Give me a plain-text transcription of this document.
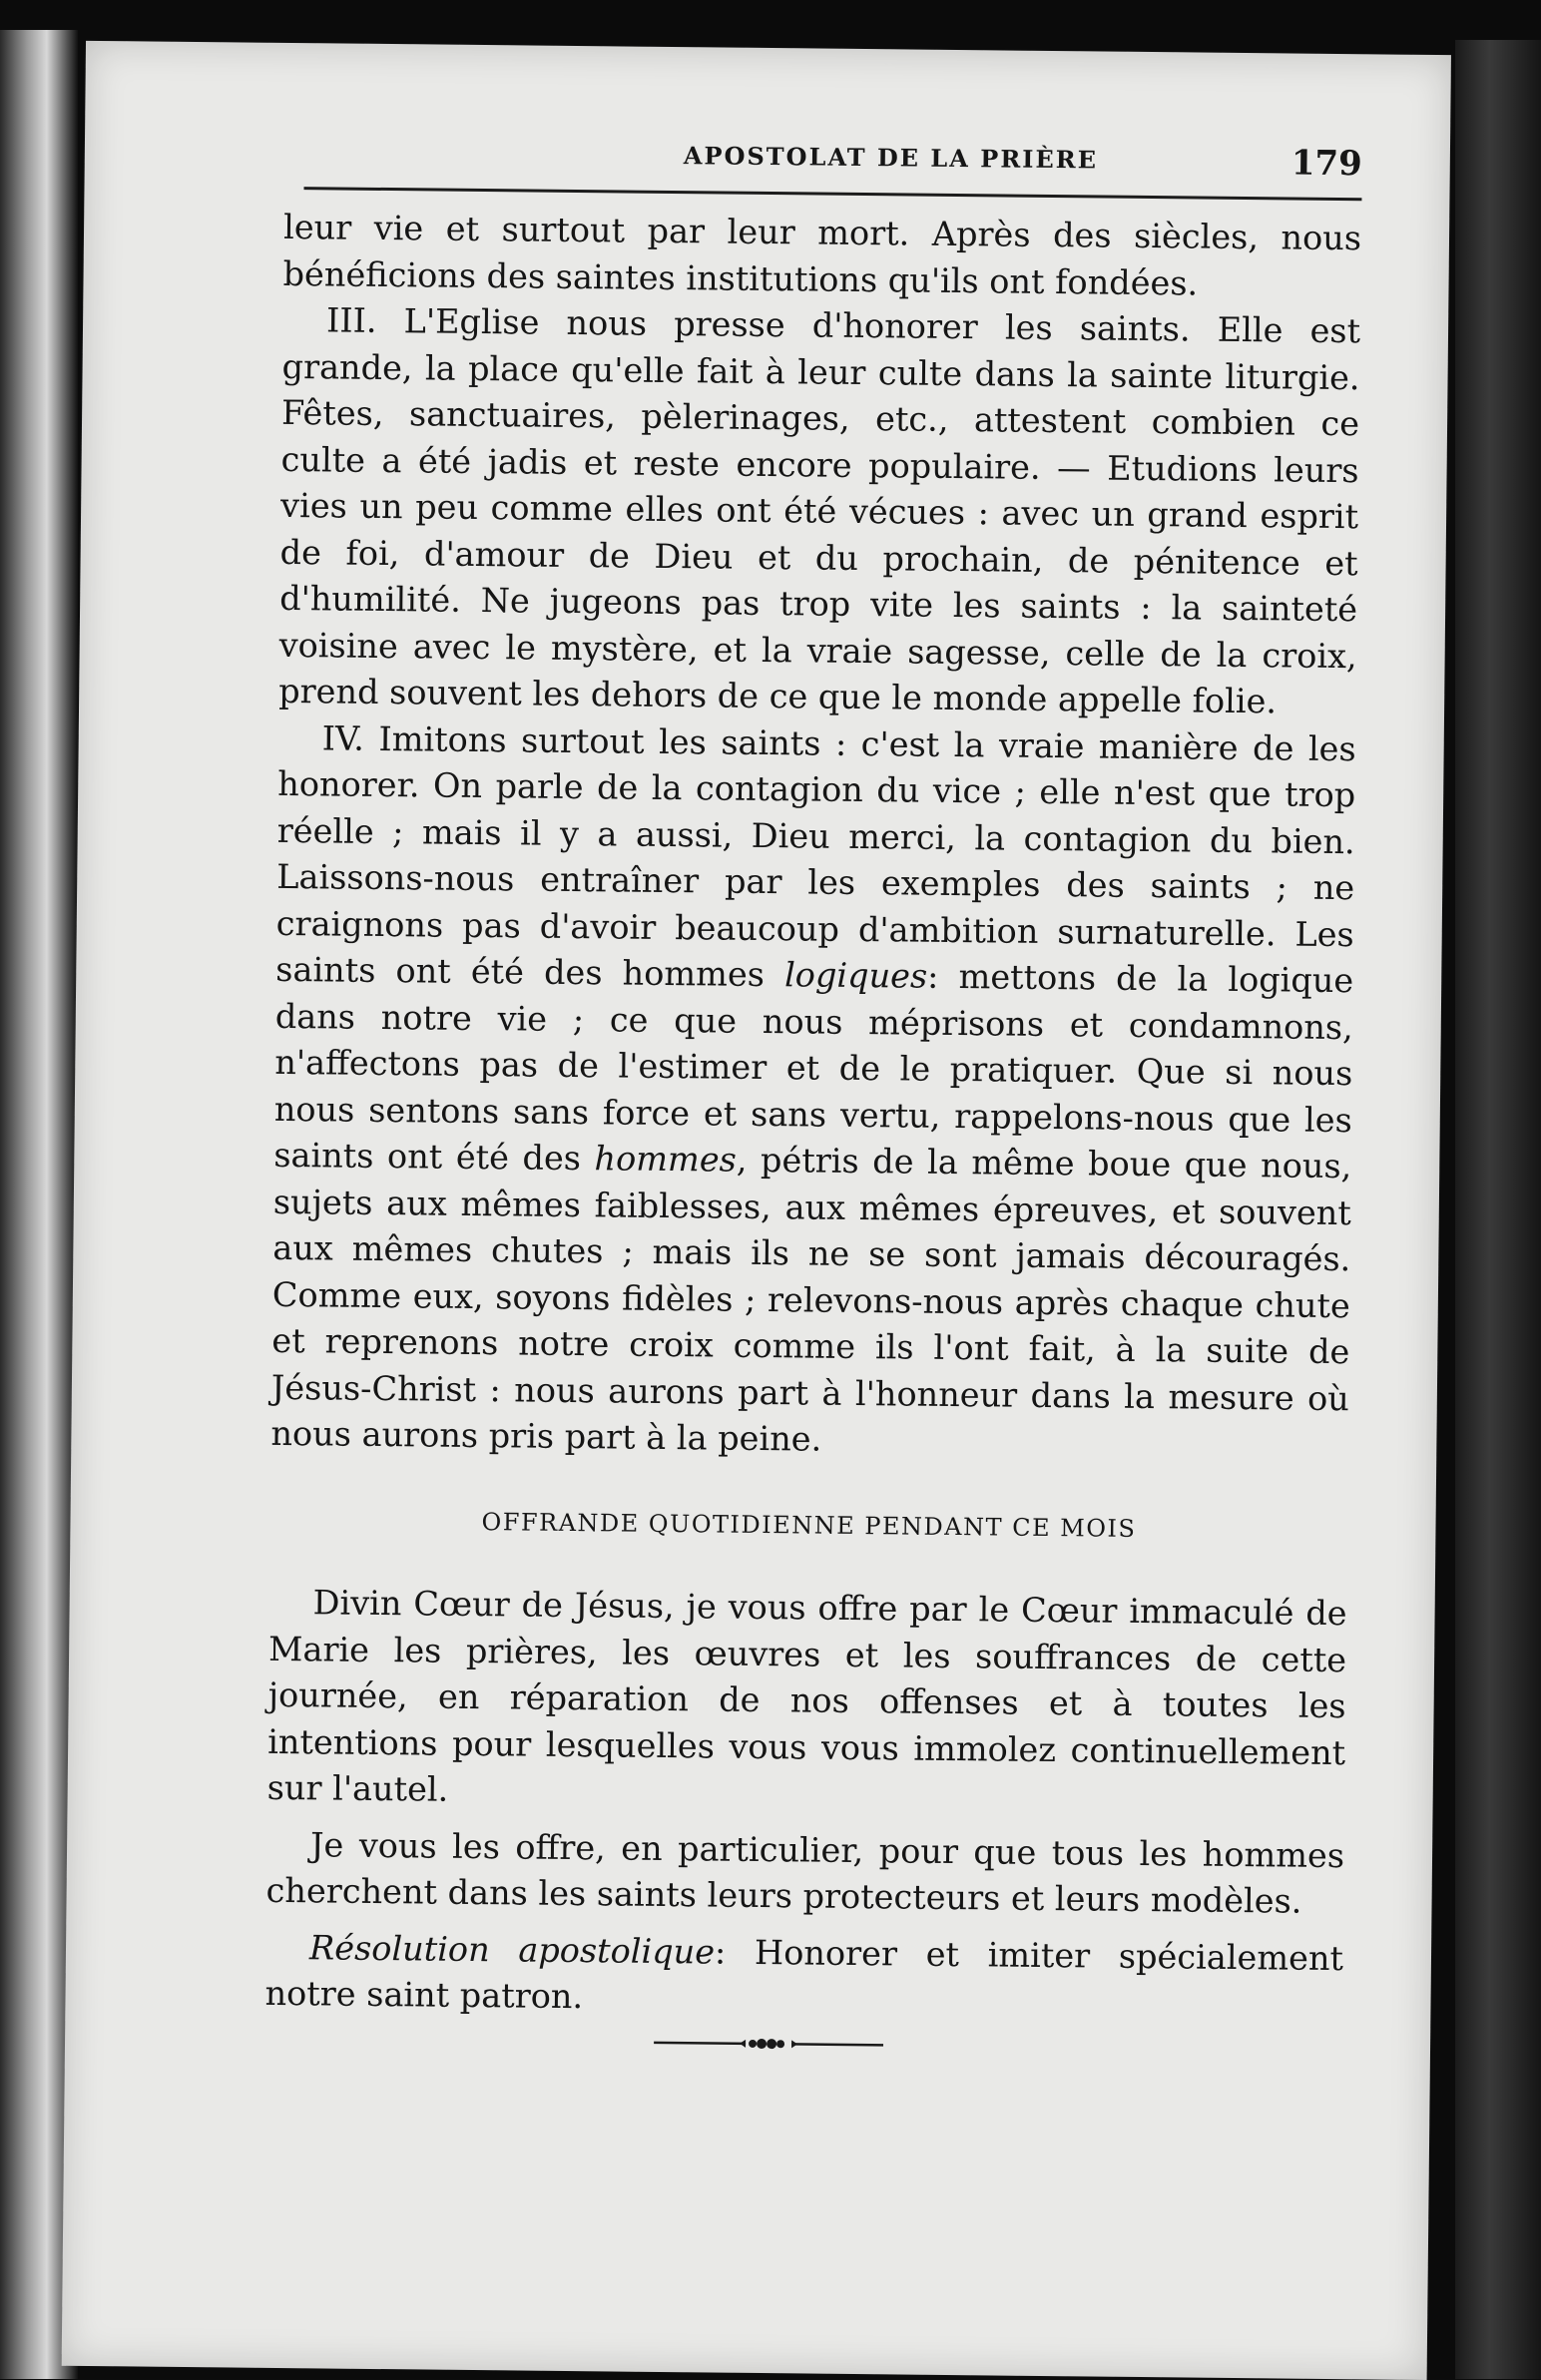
APOSTOLAT DE LA PRIÈRE	179

leur vie et surtout par leur mort. Après des siècles, nous bénéficions des saintes institutions qu'ils ont fondées.

III. L'Eglise nous presse d'honorer les saints. Elle est grande, la place qu'elle fait à leur culte dans la sainte liturgie. Fêtes, sanctuaires, pèlerinages, etc., attestent combien ce culte a été jadis et reste encore populaire. — Etudions leurs vies un peu comme elles ont été vécues : avec un grand esprit de foi, d'amour de Dieu et du prochain, de pénitence et d'humilité. Ne jugeons pas trop vite les saints : la sainteté voisine avec le mystère, et la vraie sagesse, celle de la croix, prend souvent les dehors de ce que le monde appelle folie.

IV. Imitons surtout les saints : c'est la vraie manière de les honorer. On parle de la contagion du vice ; elle n'est que trop réelle ; mais il y a aussi, Dieu merci, la contagion du bien. Laissons-nous entraîner par les exemples des saints ; ne craignons pas d'avoir beaucoup d'ambition surnaturelle. Les saints ont été des hommes logiques: mettons de la logique dans notre vie ; ce que nous méprisons et condamnons, n'affectons pas de l'estimer et de le pratiquer. Que si nous nous sentons sans force et sans vertu, rappelons-nous que les saints ont été des hommes, pétris de la même boue que nous, sujets aux mêmes faiblesses, aux mêmes épreuves, et souvent aux mêmes chutes ; mais ils ne se sont jamais découragés. Comme eux, soyons fidèles ; relevons-nous après chaque chute et reprenons notre croix comme ils l'ont fait, à la suite de Jésus-Christ : nous aurons part à l'honneur dans la mesure où nous aurons pris part à la peine.

OFFRANDE QUOTIDIENNE PENDANT CE MOIS

Divin Cœur de Jésus, je vous offre par le Cœur immaculé de Marie les prières, les œuvres et les souffrances de cette journée, en réparation de nos offenses et à toutes les intentions pour lesquelles vous vous immolez continuellement sur l'autel.

Je vous les offre, en particulier, pour que tous les hommes cherchent dans les saints leurs protecteurs et leurs modèles.

Résolution apostolique: Honorer et imiter spécialement notre saint patron.
